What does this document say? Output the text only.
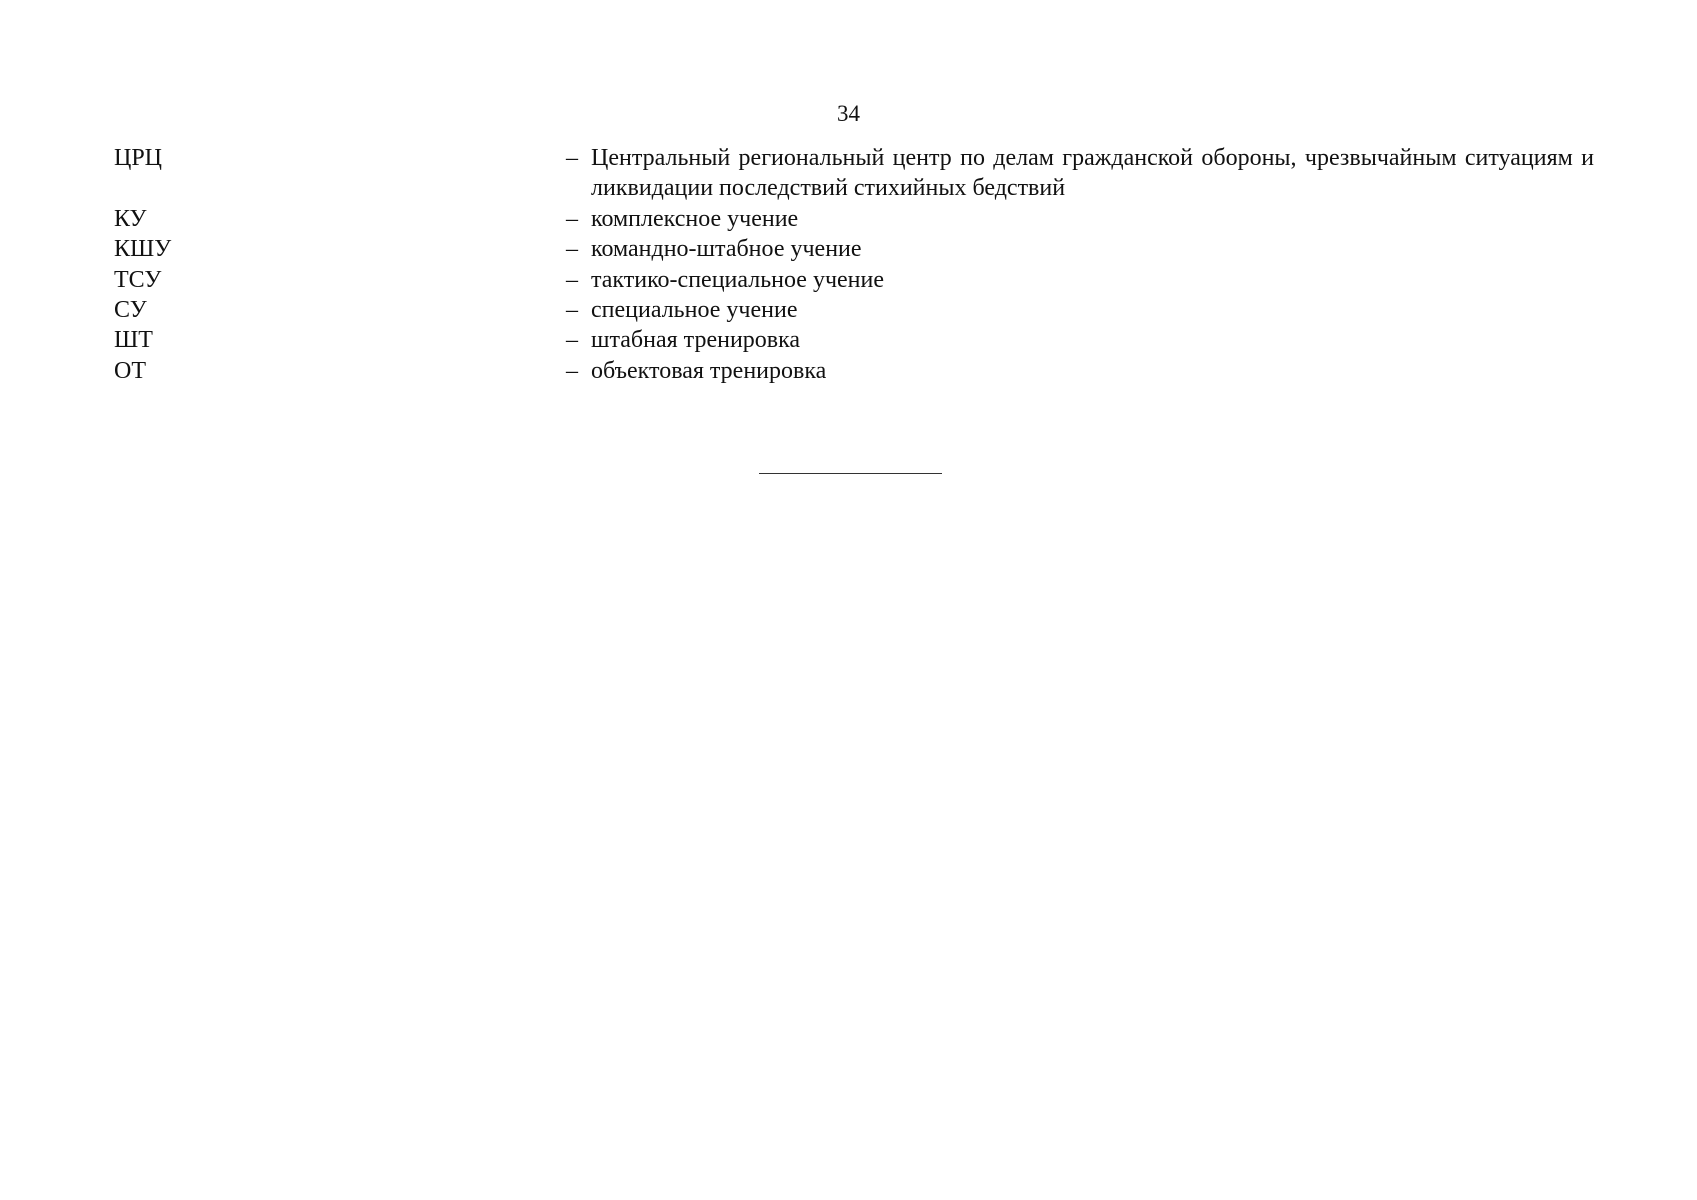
34
ЦРЦ	– Центральный региональный центр по делам гражданской обороны, чрезвычайным ситуациям и ликвидации последствий стихийных бедствий
КУ	– комплексное учение
КШУ	– командно-штабное учение
ТСУ	– тактико-специальное учение
СУ	– специальное учение
ШТ	– штабная тренировка
ОТ	– объектовая тренировка
